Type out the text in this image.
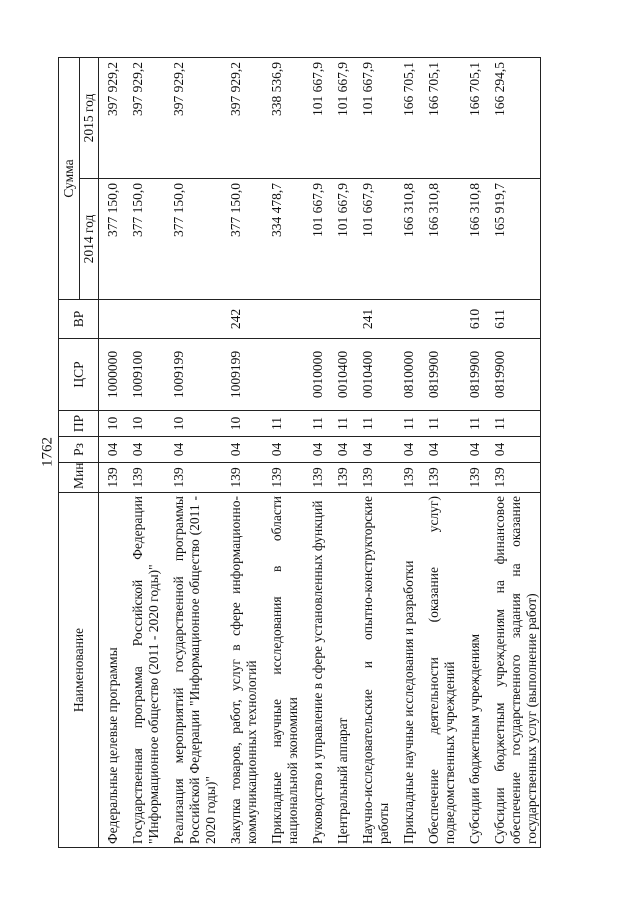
1762
Наименование	Мин	Рз	ПР	ЦСР	ВР	Сумма	
						2014 год	2015 год
Федеральные целевые программы	139	04	10	1000000		377 150,0	397 929,2
Государственная программа Российской Федерации "Информационное общество (2011 - 2020 годы)"	139	04	10	1009100		377 150,0	397 929,2
Реализация мероприятий государственной программы Российской Федерации "Информационное общество (2011 - 2020 годы)"	139	04	10	1009199		377 150,0	397 929,2
Закупка товаров, работ, услуг в сфере информационно-коммуникационных технологий	139	04	10	1009199	242	377 150,0	397 929,2
Прикладные научные исследования в области национальной экономики	139	04	11			334 478,7	338 536,9
Руководство и управление в сфере установленных функций	139	04	11	0010000		101 667,9	101 667,9
Центральный аппарат	139	04	11	0010400		101 667,9	101 667,9
Научно-исследовательские и опытно-конструкторские работы	139	04	11	0010400	241	101 667,9	101 667,9
Прикладные научные исследования и разработки	139	04	11	0810000		166 310,8	166 705,1
Обеспечение деятельности (оказание услуг) подведомственных учреждений	139	04	11	0819900		166 310,8	166 705,1
Субсидии бюджетным учреждениям	139	04	11	0819900	610	166 310,8	166 705,1
Субсидии бюджетным учреждениям на финансовое обеспечение государственного задания на оказание государственных услуг (выполнение работ)	139	04	11	0819900	611	165 919,7	166 294,5
